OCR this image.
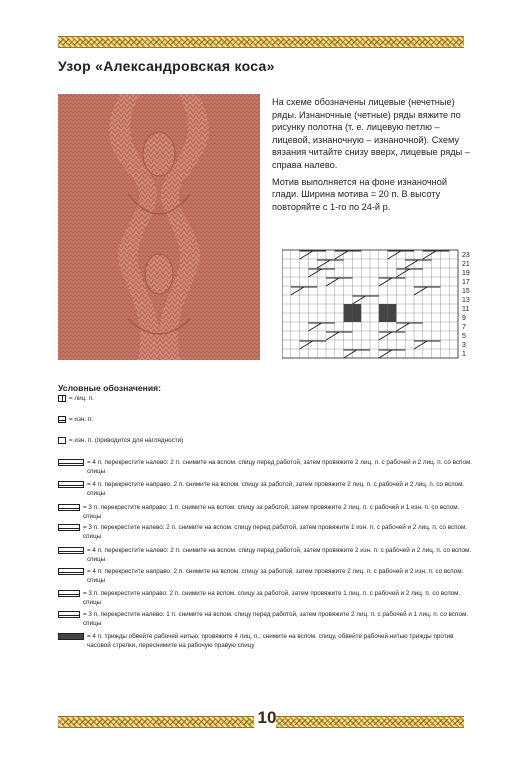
Узор «Александровская коса»

На схеме обозначены лицевые (нечетные) ряды. Изнаночные (четные) ряды вяжите по рисунку полотна (т. е. лицевую петлю – лицевой, изнаночную – изнаночной). Схему вязания читайте снизу вверх, лицевые ряды – справа налево.

Мотив выполняется на фоне изнаночной глади. Ширина мотива = 20 п. В высоту повторяйте с 1-го по 24-й р.

23
21
19
17
15
13
11
9
7
5
3
1
Условные обозначения:
= лиц. п.
= изн. п.
= изн. п. (приводится для наглядности)
= 4 п. перекрестите налево: 2 п. снимите на вспом. спицу перед работой, затем провяжите 2 лиц. п. с рабочей и 2 лиц. п. со вспом. спицы
= 4 п. перекрестите направо: 2 п. снимите на вспом. спицу за работой, затем провяжите 2 лиц. п. с рабочей и 2 лиц. п. со вспом. спицы
= 3 п. перекрестите направо: 1 п. снимите на вспом. спицу за работой, затем провяжите 2 лиц. п. с рабочей и 1 изн. п. со вспом. спицы
= 3 п. перекрестите налево: 2 п. снимите на вспом. спицу перед работой, затем провяжите 1 изн. п. с рабочей и 2 лиц. п. со вспом. спицы
= 4 п. перекрестите налево: 2 п. снимите на вспом. спицу перед работой, затем провяжите 2 изн. п. с рабочей и 2 лиц. п. со вспом. спицы
= 4 п. перекрестите направо: 2 п. снимите на вспом. спицу за работой, затем провяжите 2 лиц. п. с рабочей и 2 изн. п. со вспом. спицы
= 3 п. перекрестите направо: 2 п. снимите на вспом. спицу за работой, затем провяжите 1 лиц. п. с рабочей и 2 лиц. п. со вспом. спицы
= 3 п. перекрестите налево: 1 п. снимите на вспом. спицу перед работой, затем провяжите 2 лиц. п. с рабочей и 1 лиц. п. со вспом. спицы
= 4 п. трижды обвейте рабочей нитью: провяжите 4 лиц. п., снимите на вспом. спицу, обвейте рабочей нитью трижды против часовой стрелки, переснимите на рабочую правую спицу
10
